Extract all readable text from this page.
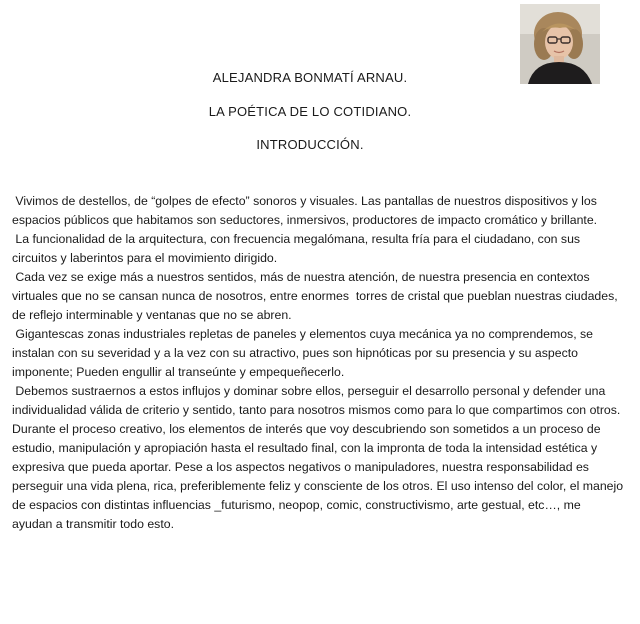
ALEJANDRA BONMATÍ ARNAU.
LA POÉTICA DE LO COTIDIANO.
INTRODUCCIÓN.

Vivimos de destellos, de “golpes de efecto” sonoros y visuales. Las pantallas de nuestros dispositivos y los espacios públicos que habitamos son seductores, inmersivos, productores de impacto cromático y brillante.

La funcionalidad de la arquitectura, con frecuencia megalómana, resulta fría para el ciudadano, con sus circuitos y laberintos para el movimiento dirigido.

Cada vez se exige más a nuestros sentidos, más de nuestra atención, de nuestra presencia en contextos virtuales que no se cansan nunca de nosotros, entre enormes  torres de cristal que pueblan nuestras ciudades, de reflejo interminable y ventanas que no se abren.

Gigantescas zonas industriales repletas de paneles y elementos cuya mecánica ya no comprendemos, se instalan con su severidad y a la vez con su atractivo, pues son hipnóticas por su presencia y su aspecto imponente; Pueden engullir al transeúnte y empequeñecerlo.

Debemos sustraernos a estos influjos y dominar sobre ellos, perseguir el desarrollo personal y defender una individualidad válida de criterio y sentido, tanto para nosotros mismos como para lo que compartimos con otros.

Durante el proceso creativo, los elementos de interés que voy descubriendo son sometidos a un proceso de estudio, manipulación y apropiación hasta el resultado final, con la impronta de toda la intensidad estética y expresiva que pueda aportar. Pese a los aspectos negativos o manipuladores, nuestra responsabilidad es perseguir una vida plena, rica, preferiblemente feliz y consciente de los otros. El uso intenso del color, el manejo de espacios con distintas influencias _futurismo, neopop, comic, constructivismo, arte gestual, etc…, me ayudan a transmitir todo esto.
